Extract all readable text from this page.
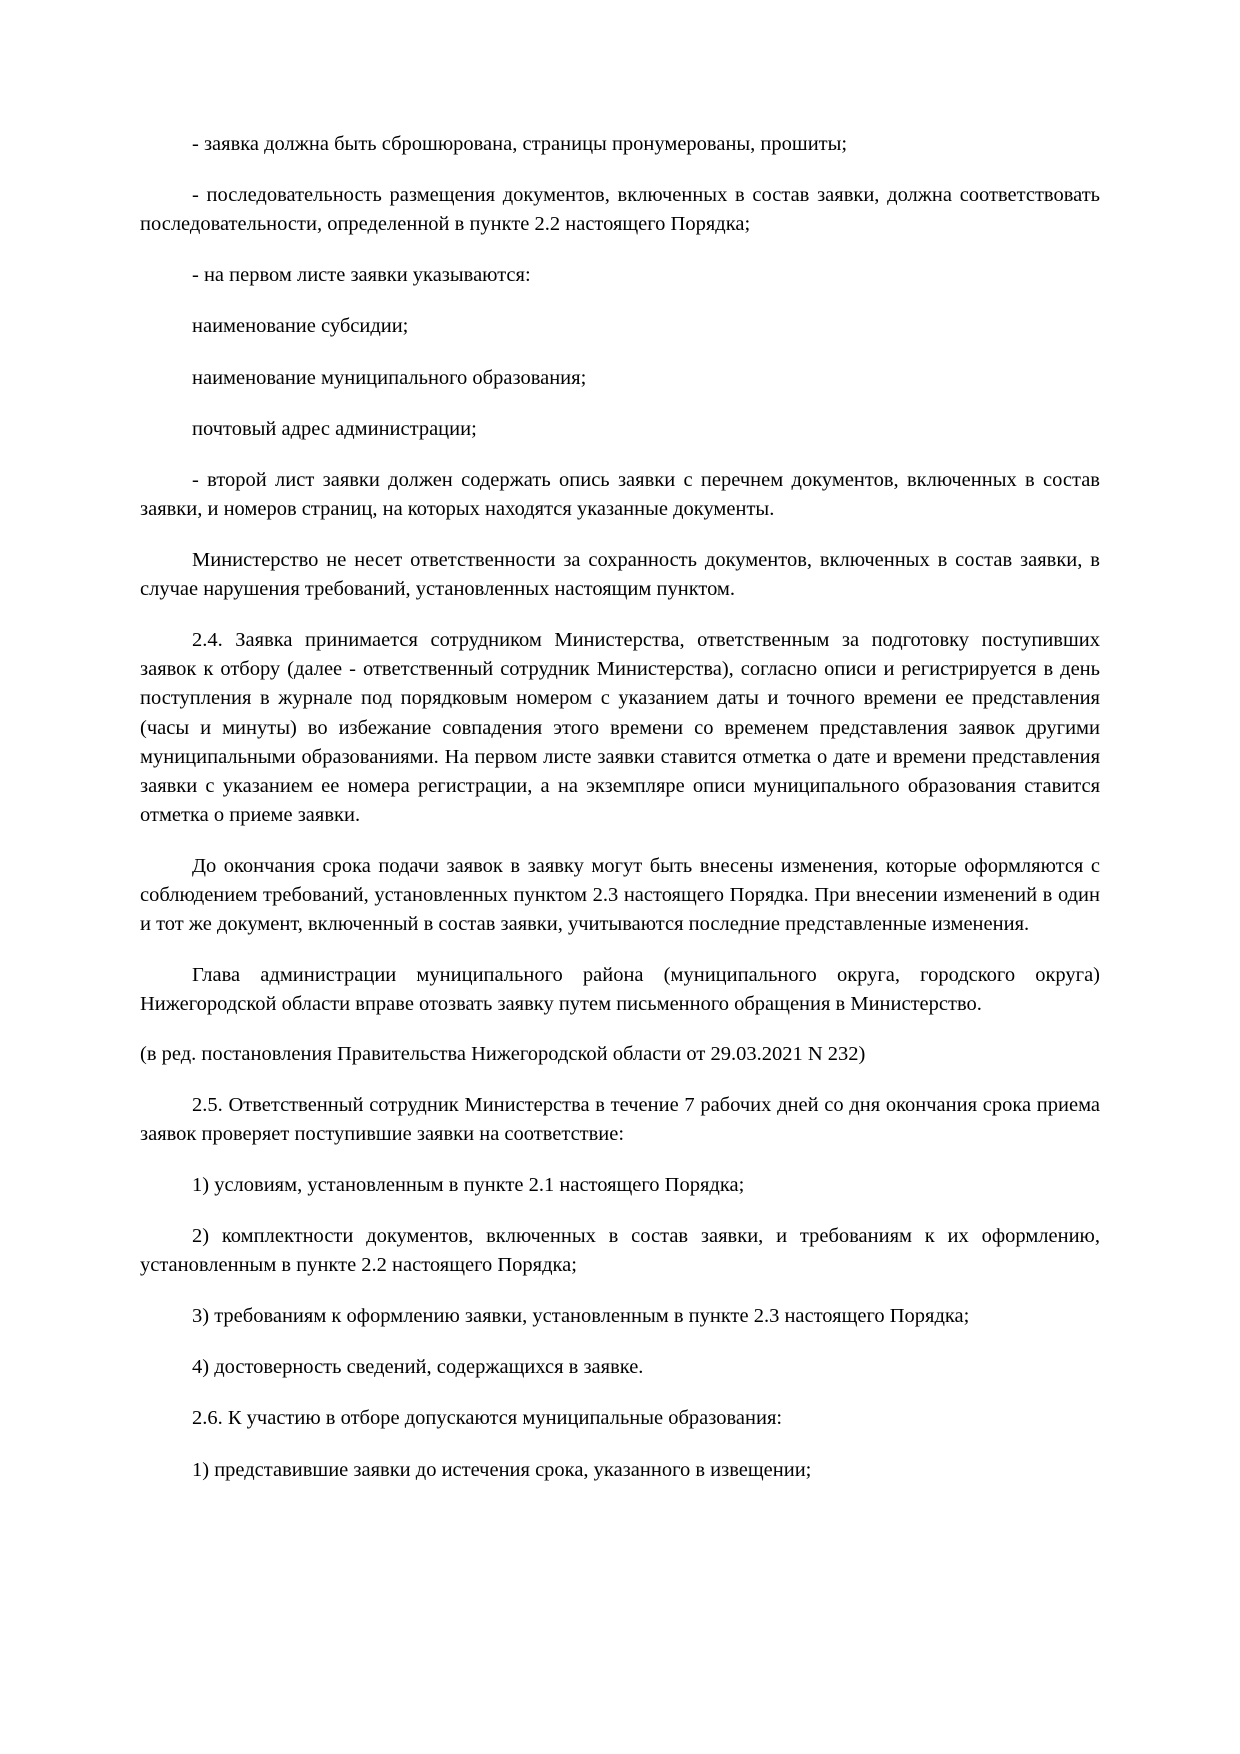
- заявка должна быть сброшюрована, страницы пронумерованы, прошиты;

- последовательность размещения документов, включенных в состав заявки, должна соответствовать последовательности, определенной в пункте 2.2 настоящего Порядка;

- на первом листе заявки указываются:

наименование субсидии;

наименование муниципального образования;

почтовый адрес администрации;

- второй лист заявки должен содержать опись заявки с перечнем документов, включенных в состав заявки, и номеров страниц, на которых находятся указанные документы.

Министерство не несет ответственности за сохранность документов, включенных в состав заявки, в случае нарушения требований, установленных настоящим пунктом.

2.4. Заявка принимается сотрудником Министерства, ответственным за подготовку поступивших заявок к отбору (далее - ответственный сотрудник Министерства), согласно описи и регистрируется в день поступления в журнале под порядковым номером с указанием даты и точного времени ее представления (часы и минуты) во избежание совпадения этого времени со временем представления заявок другими муниципальными образованиями. На первом листе заявки ставится отметка о дате и времени представления заявки с указанием ее номера регистрации, а на экземпляре описи муниципального образования ставится отметка о приеме заявки.

До окончания срока подачи заявок в заявку могут быть внесены изменения, которые оформляются с соблюдением требований, установленных пунктом 2.3 настоящего Порядка. При внесении изменений в один и тот же документ, включенный в состав заявки, учитываются последние представленные изменения.

Глава администрации муниципального района (муниципального округа, городского округа) Нижегородской области вправе отозвать заявку путем письменного обращения в Министерство.

(в ред. постановления Правительства Нижегородской области от 29.03.2021 N 232)

2.5. Ответственный сотрудник Министерства в течение 7 рабочих дней со дня окончания срока приема заявок проверяет поступившие заявки на соответствие:

1) условиям, установленным в пункте 2.1 настоящего Порядка;

2) комплектности документов, включенных в состав заявки, и требованиям к их оформлению, установленным в пункте 2.2 настоящего Порядка;

3) требованиям к оформлению заявки, установленным в пункте 2.3 настоящего Порядка;

4) достоверность сведений, содержащихся в заявке.

2.6. К участию в отборе допускаются муниципальные образования:

1) представившие заявки до истечения срока, указанного в извещении;
